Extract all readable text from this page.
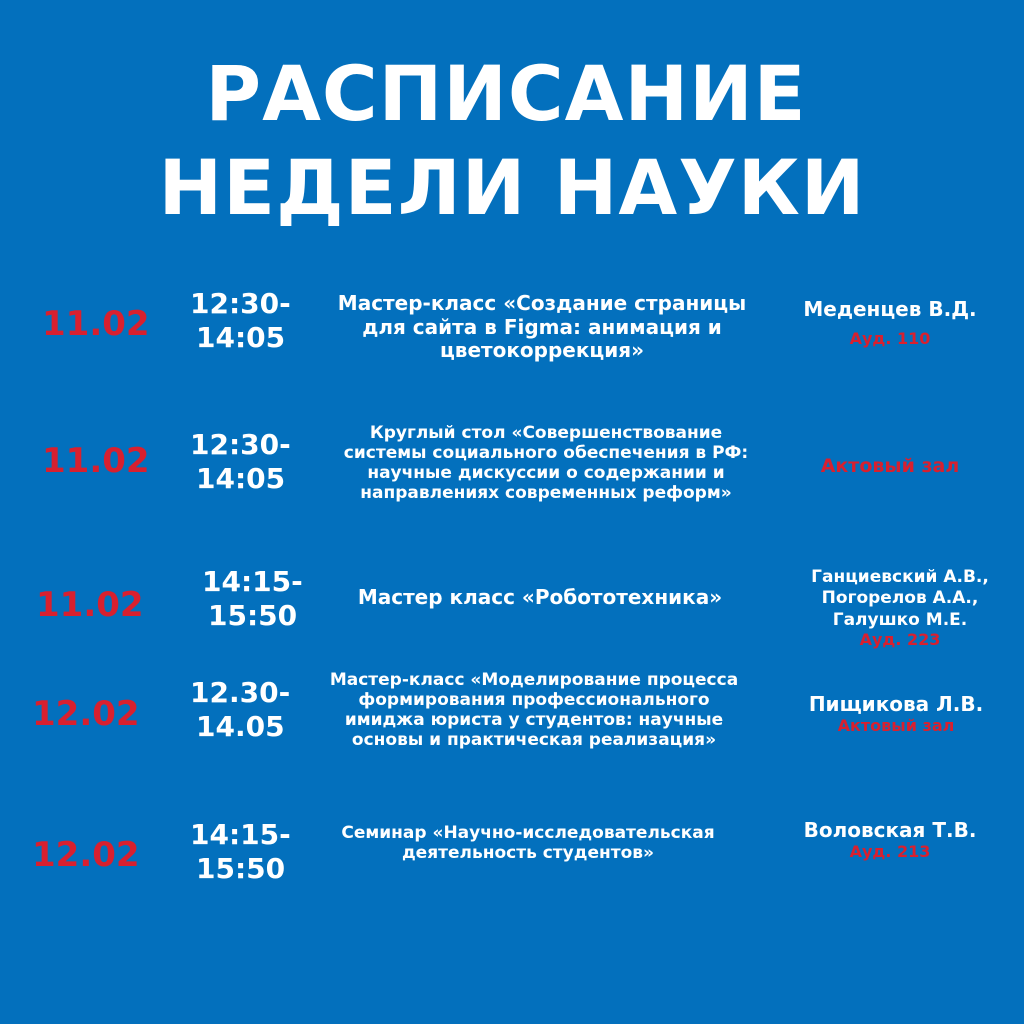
РАСПИСАНИЕ
НЕДЕЛИ НАУКИ
11.02
12:30-
14:05
Мастер-класс «Создание страницы
для сайта в Figma: анимация и
цветокоррекция»
Меденцев В.Д.
Ауд. 110
11.02 12:30-
14:05
Круглый стол «Совершенствование
системы социального обеспечения в РФ:
научные дискуссии о содержании и
направлениях современных реформ»
Актовый зал
11.02
14:15-
15:50
Мастер класс «Робототехника»
Ганциевский А.В.,
Погорелов А.А.,
Галушко М.Е.
Ауд. 223
12.02
12.30-
14.05
Мастер-класс «Моделирование процесса
формирования профессионального
имиджа юриста у студентов: научные
основы и практическая реализация»
Пищикова Л.В.
Актовый зал
12.02
14:15-
15:50
Семинар «Научно-исследовательская
деятельность студентов»
Воловская Т.В.
Ауд. 213
